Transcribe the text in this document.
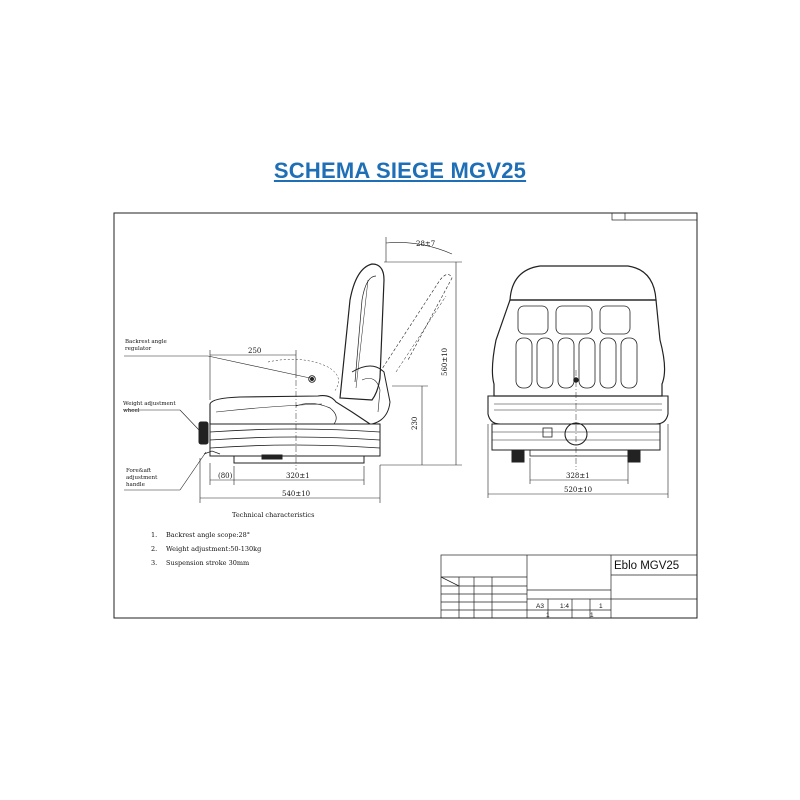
SCHEMA SIEGE MGV25
Backrest angle
regulator
Weight adjustment
wheel
Fore&aft
adjustment
handle
28±7
250	560±10
230
(80)	320±1
540±10
328±1
520±10
Technical characteristics
1. Backrest angle scope:28°
2. Weight adjustment:50-130kg
3. Suspension stroke 30mm	Eblo MGV25
A3 1:4	1
1	1
